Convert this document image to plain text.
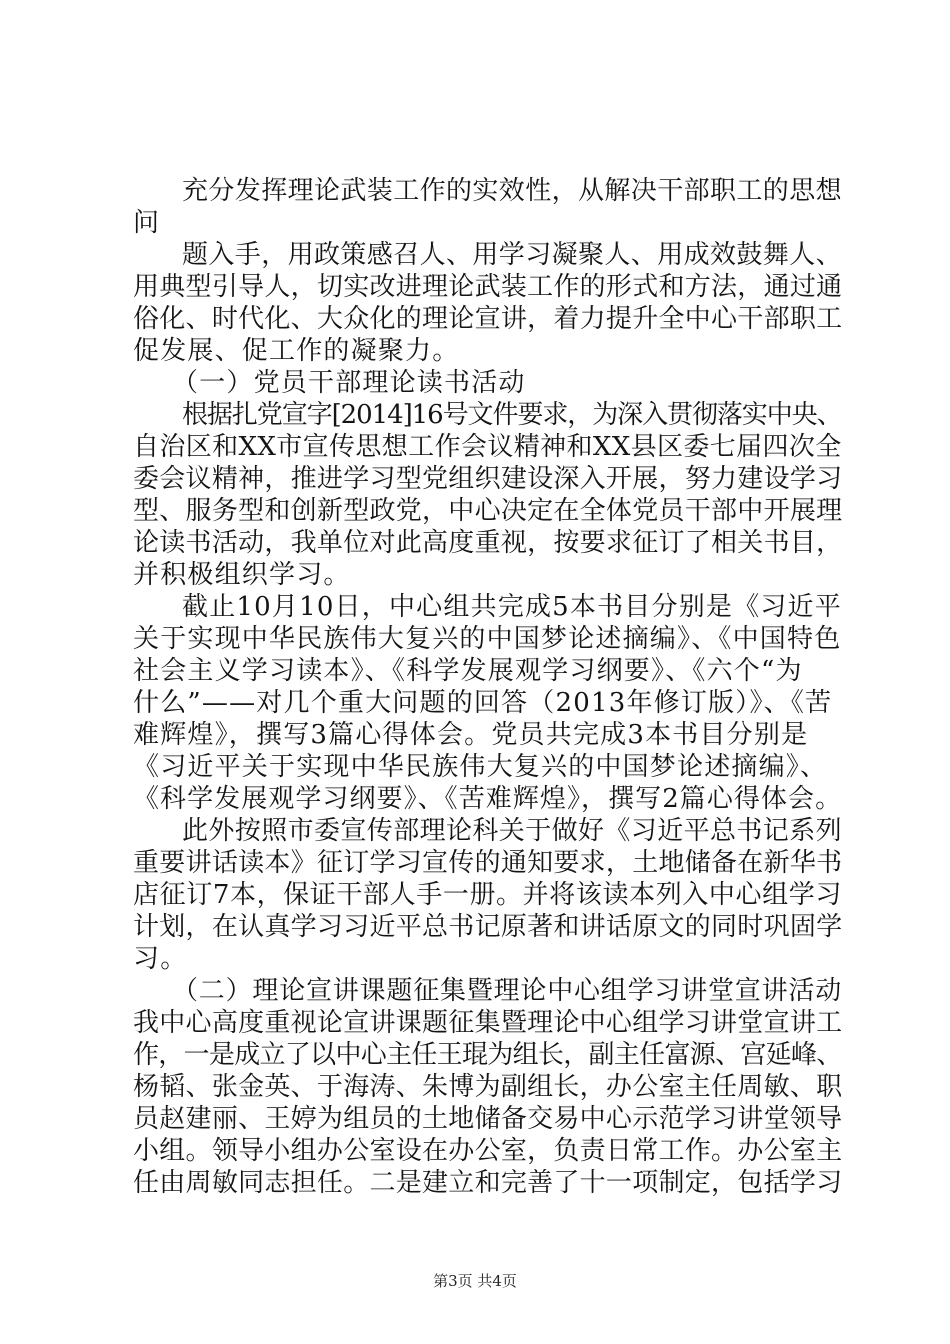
充分发挥理论武装工作的实效性，从解决干部职工的思想
问
题入手，用政策感召人、用学习凝聚人、用成效鼓舞人、
用典型引导人，切实改进理论武装工作的形式和方法，通过通
俗化、时代化、大众化的理论宣讲，着力提升全中心干部职工
促发展、促工作的凝聚力。
（一）党员干部理论读书活动
根据扎党宣字[2014]16号文件要求，为深入贯彻落实中央、
自治区和XX市宣传思想工作会议精神和XX县区委七届四次全
委会议精神，推进学习型党组织建设深入开展，努力建设学习
型、服务型和创新型政党，中心决定在全体党员干部中开展理
论读书活动，我单位对此高度重视，按要求征订了相关书目，
并积极组织学习。
截止10月10日，中心组共完成5本书目分别是《习近平
关于实现中华民族伟大复兴的中国梦论述摘编》、《中国特色
社会主义学习读本》、《科学发展观学习纲要》、《六个“为
什么”——对几个重大问题的回答（2013年修订版）》、《苦
难辉煌》，撰写3篇心得体会。党员共完成3本书目分别是
《习近平关于实现中华民族伟大复兴的中国梦论述摘编》、
《科学发展观学习纲要》、《苦难辉煌》，撰写2篇心得体会。
此外按照市委宣传部理论科关于做好《习近平总书记系列
重要讲话读本》征订学习宣传的通知要求，土地储备在新华书
店征订7本，保证干部人手一册。并将该读本列入中心组学习
计划，在认真学习习近平总书记原著和讲话原文的同时巩固学
习。
（二）理论宣讲课题征集暨理论中心组学习讲堂宣讲活动
我中心高度重视论宣讲课题征集暨理论中心组学习讲堂宣讲工
作，一是成立了以中心主任王琨为组长，副主任富源、宫延峰、
杨韬、张金英、于海涛、朱博为副组长，办公室主任周敏、职
员赵建丽、王婷为组员的土地储备交易中心示范学习讲堂领导
小组。领导小组办公室设在办公室，负责日常工作。办公室主
任由周敏同志担任。二是建立和完善了十一项制定，包括学习
第3页 共4页
